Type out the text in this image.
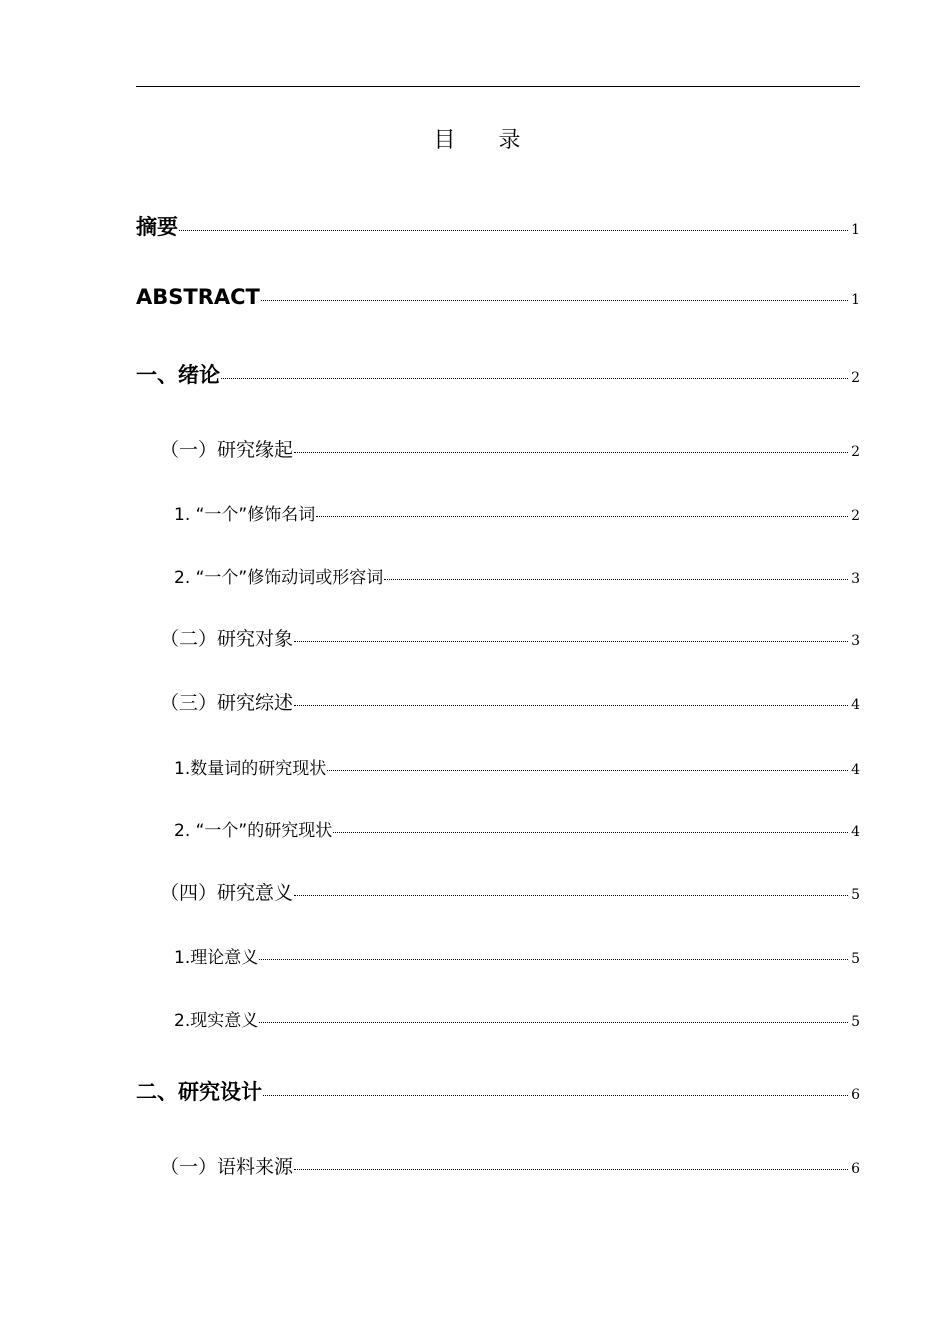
目 录
摘要	1
ABSTRACT	1
一、绪论	2
（一）研究缘起	2
1. “一个”修饰名词	2
2. “一个”修饰动词或形容词	3
（二）研究对象	3
（三）研究综述	4
1.数量词的研究现状	4
2. “一个”的研究现状	4
（四）研究意义	5
1.理论意义	5
2.现实意义	5
二、研究设计	6
（一）语料来源	6
